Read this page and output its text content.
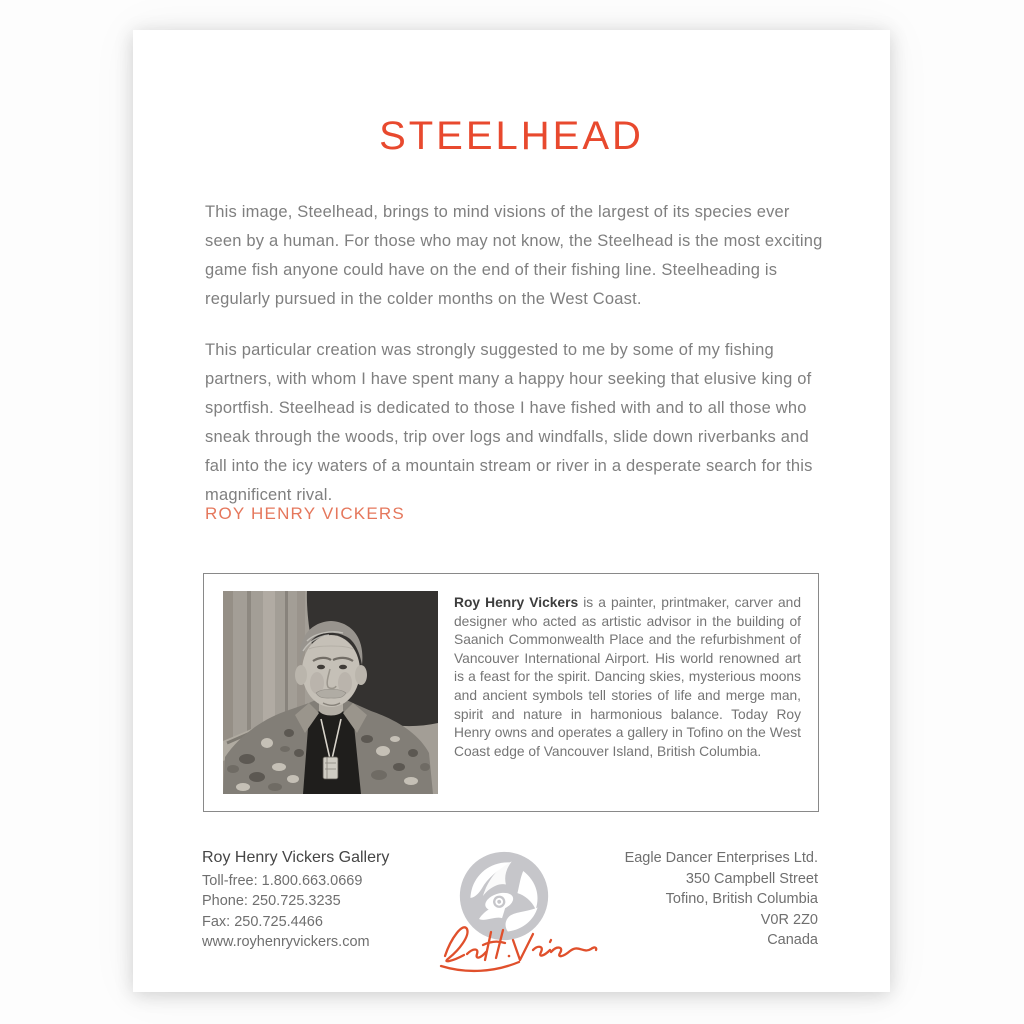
STEELHEAD

This image, Steelhead, brings to mind visions of the largest of its species ever seen by a human. For those who may not know, the Steelhead is the most exciting game fish anyone could have on the end of their fishing line. Steelheading is regularly pursued in the colder months on the West Coast.

This particular creation was strongly suggested to me by some of my fishing partners, with whom I have spent many a happy hour seeking that elusive king of sportfish. Steelhead is dedicated to those I have fished with and to all those who sneak through the woods, trip over logs and windfalls, slide down riverbanks and fall into the icy waters of a mountain stream or river in a desperate search for this magnificent rival.

ROY HENRY VICKERS

Roy Henry Vickers is a painter, printmaker, carver and designer who acted as artistic advisor in the building of Saanich Commonwealth Place and the refurbishment of Vancouver International Airport. His world renowned art is a feast for the spirit. Dancing skies, mysterious moons and ancient symbols tell stories of life and merge man, spirit and nature in harmonious balance. Today Roy Henry owns and operates a gallery in Tofino on the West Coast edge of Vancouver Island, British Columbia.

Roy Henry Vickers Gallery
Toll-free: 1.800.663.0669
Phone: 250.725.3235
Fax: 250.725.4466
www.royhenryvickers.com
Eagle Dancer Enterprises Ltd.
350 Campbell Street
Tofino, British Columbia
V0R 2Z0
Canada
